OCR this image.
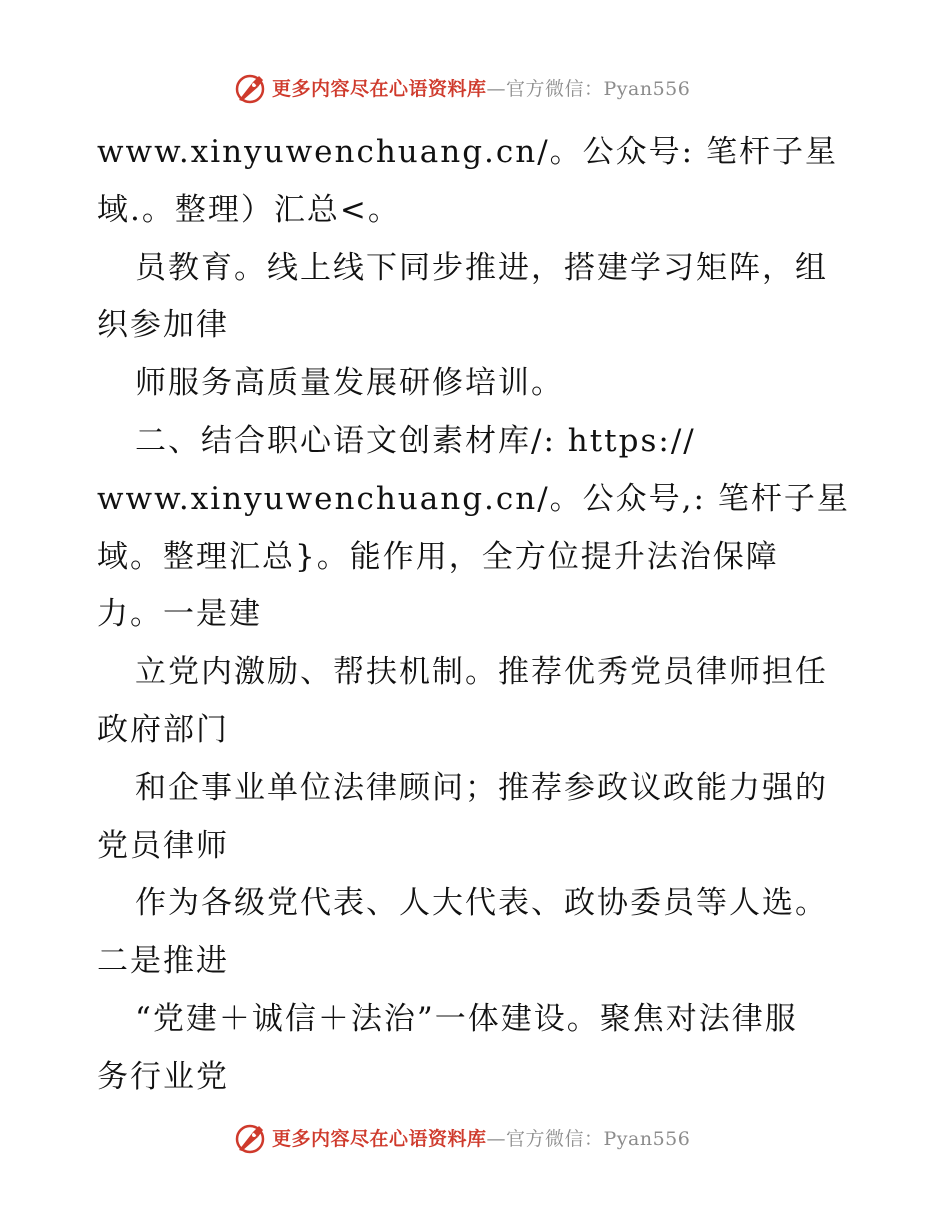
更多内容尽在心语资料库—官方微信：Pyan556
www.xinyuwenchuang.cn/。公众号: 笔杆子星
域.。整理）汇总<。
员教育。线上线下同步推进，搭建学习矩阵，组
织参加律
师服务高质量发展研修培训。
二、结合职心语文创素材库/: https://
www.xinyuwenchuang.cn/。公众号,: 笔杆子星
域。整理汇总}。能作用，全方位提升法治保障
力。一是建
立党内激励、帮扶机制。推荐优秀党员律师担任
政府部门
和企事业单位法律顾问；推荐参政议政能力强的
党员律师
作为各级党代表、人大代表、政协委员等人选。
二是推进
“党建＋诚信＋法治”一体建设。聚焦对法律服
务行业党
更多内容尽在心语资料库—官方微信：Pyan556
